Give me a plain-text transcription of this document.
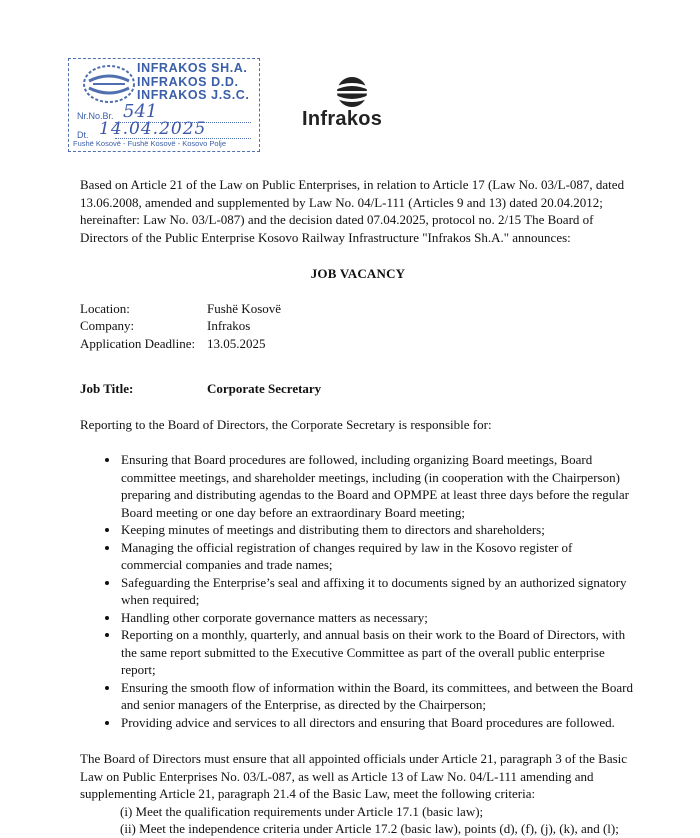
INFRAKOS SH.A.
INFRAKOS D.D.
INFRAKOS J.S.C.
Nr.No.Br. 541
Dt. 14.04.2025
Fushë Kosovë - Fushë Kosovë - Kosovo Polje
Infrakos

Based on Article 21 of the Law on Public Enterprises, in relation to Article 17 (Law No. 03/L-087, dated 13.06.2008, amended and supplemented by Law No. 04/L-111 (Articles 9 and 13) dated 20.04.2012; hereinafter: Law No. 03/L-087) and the decision dated 07.04.2025, protocol no. 2/15 The Board of Directors of the Public Enterprise Kosovo Railway Infrastructure "Infrakos Sh.A." announces:

JOB VACANCY
Location:	Fushë Kosovë
Company:	Infrakos
Application Deadline: 13.05.2025
Job Title:	Corporate Secretary

Reporting to the Board of Directors, the Corporate Secretary is responsible for:

• Ensuring that Board procedures are followed, including organizing Board meetings, Board committee meetings, and shareholder meetings, including (in cooperation with the Chairperson) preparing and distributing agendas to the Board and OPMPE at least three days before the regular Board meeting or one day before an extraordinary Board meeting;
• Keeping minutes of meetings and distributing them to directors and shareholders;
• Managing the official registration of changes required by law in the Kosovo register of commercial companies and trade names;
• Safeguarding the Enterprise’s seal and affixing it to documents signed by an authorized signatory when required;
• Handling other corporate governance matters as necessary;
• Reporting on a monthly, quarterly, and annual basis on their work to the Board of Directors, with the same report submitted to the Executive Committee as part of the overall public enterprise report;
• Ensuring the smooth flow of information within the Board, its committees, and between the Board and senior managers of the Enterprise, as directed by the Chairperson;
• Providing advice and services to all directors and ensuring that Board procedures are followed.

The Board of Directors must ensure that all appointed officials under Article 21, paragraph 3 of the Basic Law on Public Enterprises No. 03/L-087, as well as Article 13 of Law No. 04/L-111 amending and supplementing Article 21, paragraph 21.4 of the Basic Law, meet the following criteria:

(i) Meet the qualification requirements under Article 17.1 (basic law);
(ii) Meet the independence criteria under Article 17.2 (basic law), points (d), (f), (j), (k), and (l);
